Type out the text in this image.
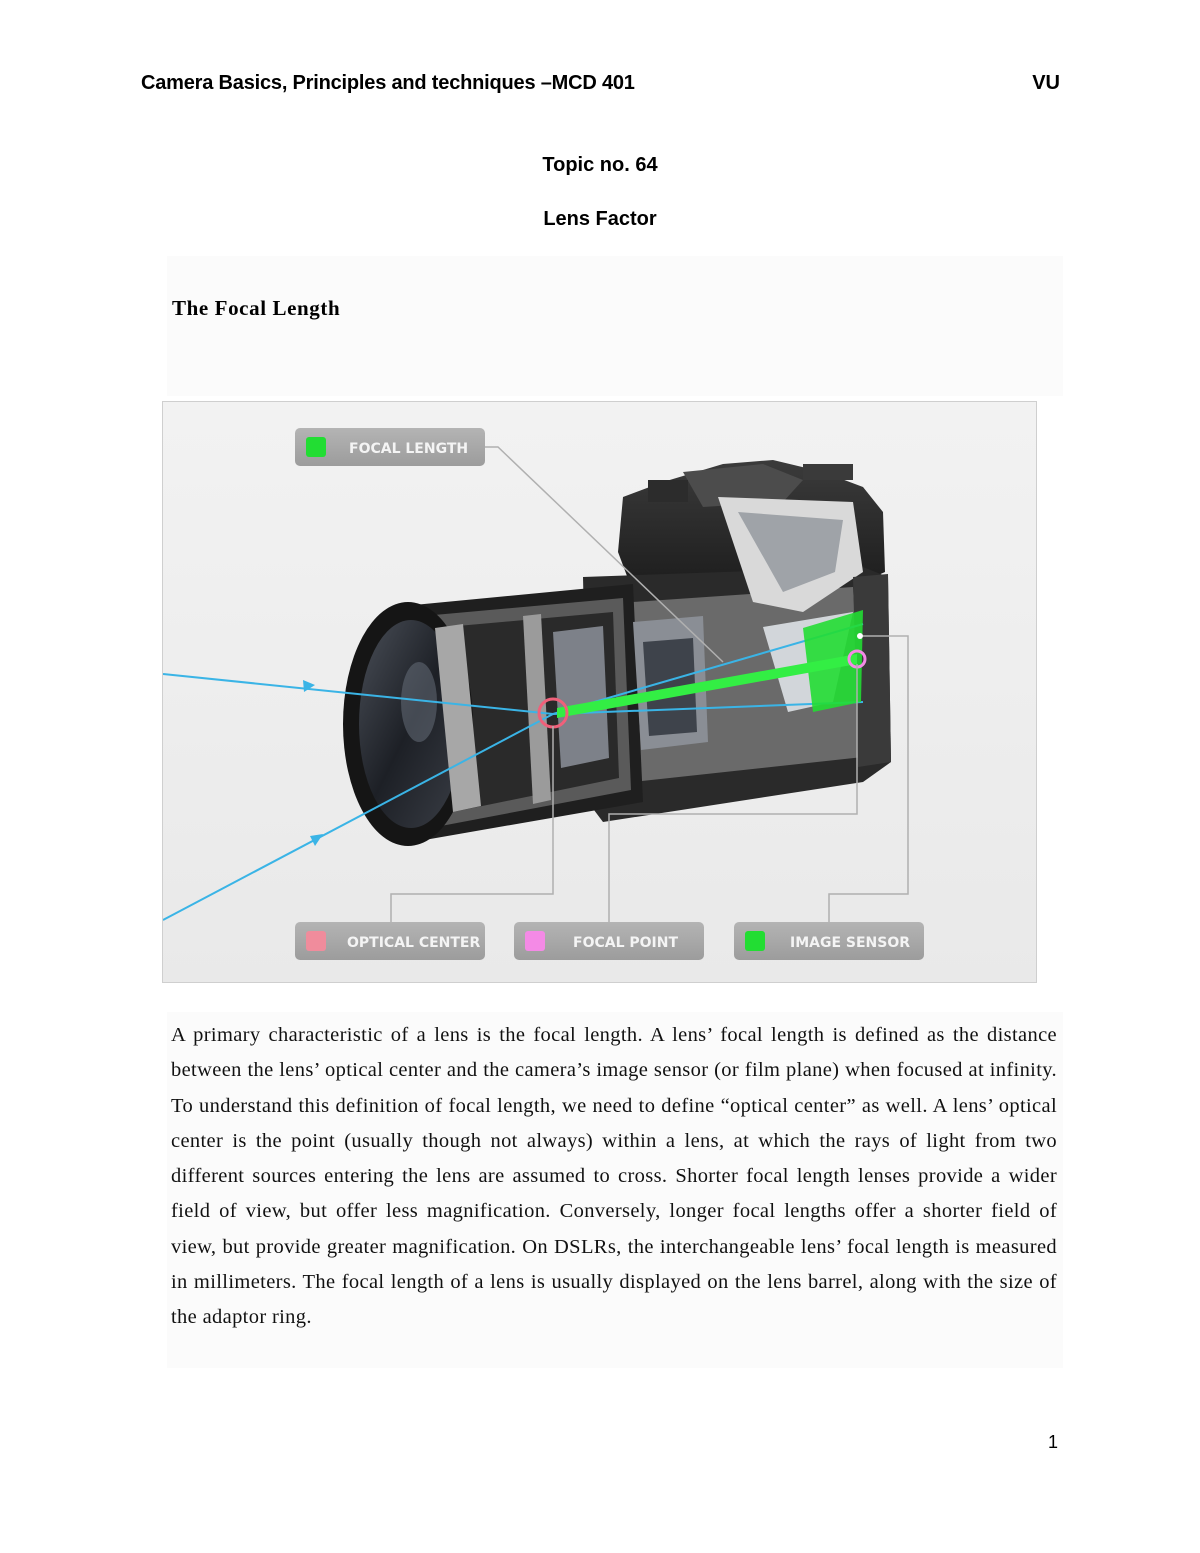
Camera Basics, Principles and techniques –MCD 401	VU
Topic no. 64
Lens Factor
The Focal Length
FOCAL LENGTH
OPTICAL CENTER	FOCAL POINT	IMAGE SENSOR
A primary characteristic of a lens is the focal length. A lens’ focal length is defined as the distance between the lens’ optical center and the camera’s image sensor (or film plane) when focused at infinity. To understand this definition of focal length, we need to define “optical center” as well. A lens’ optical center is the point (usually though not always) within a lens, at which the rays of light from two different sources entering the lens are assumed to cross. Shorter focal length lenses provide a wider field of view, but offer less magnification. Conversely, longer focal lengths offer a shorter field of view, but provide greater magnification. On DSLRs, the interchangeable lens’ focal length is measured in millimeters. The focal length of a lens is usually displayed on the lens barrel, along with the size of the adaptor ring.
1
